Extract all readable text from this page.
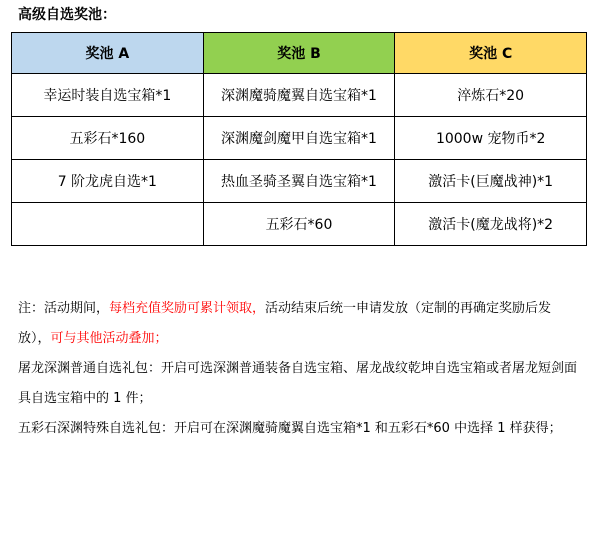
高级自选奖池：
奖池 A	奖池 B	奖池 C
幸运时装自选宝箱*1	深渊魔骑魔翼自选宝箱*1	淬炼石*20
五彩石*160	深渊魔剑魔甲自选宝箱*1	1000w 宠物币*2
7 阶龙虎自选*1	热血圣骑圣翼自选宝箱*1	激活卡(巨魔战神)*1
	五彩石*60	激活卡(魔龙战将)*2

注：活动期间，每档充值奖励可累计领取，活动结束后统一申请发放（定制的再确定奖励后发放），可与其他活动叠加；

屠龙深渊普通自选礼包：开启可选深渊普通装备自选宝箱、屠龙战纹乾坤自选宝箱或者屠龙短剑面具自选宝箱中的 1 件；

五彩石深渊特殊自选礼包：开启可在深渊魔骑魔翼自选宝箱*1 和五彩石*60 中选择 1 样获得；
